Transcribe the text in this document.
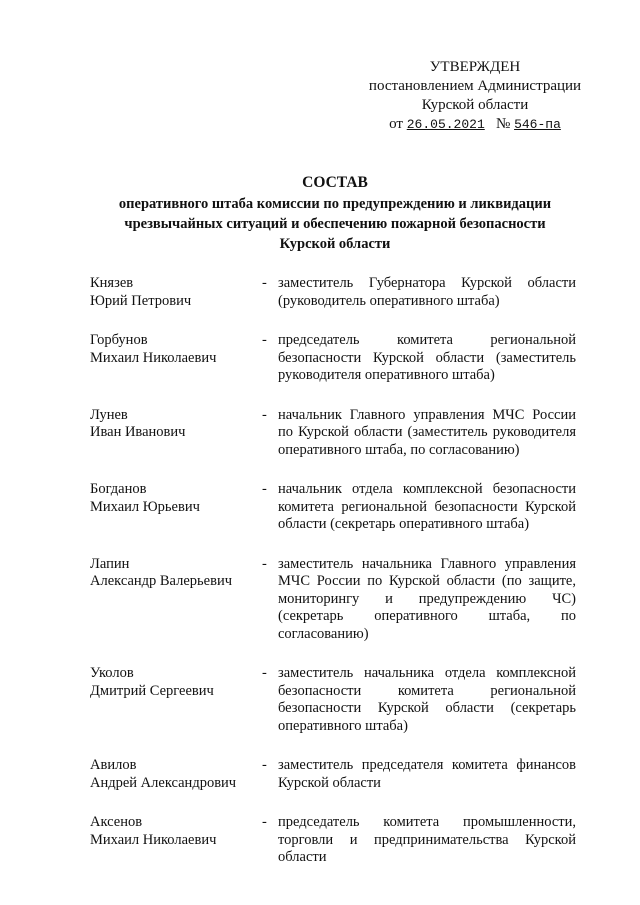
УТВЕРЖДЕН
постановлением Администрации
Курской области
от 26.05.2021 № 546-па
СОСТАВ
оперативного штаба комиссии по предупреждению и ликвидации
чрезвычайных ситуаций и обеспечению пожарной безопасности
Курской области
Князев
Юрий Петрович
- заместитель Губернатора Курской области (руководитель оперативного штаба)
Горбунов
Михаил Николаевич
- председатель комитета региональной безопасности Курской области (заместитель руководителя оперативного штаба)
Лунев
Иван Иванович
- начальник Главного управления МЧС России по Курской области (заместитель руководителя оперативного штаба, по согласованию)
Богданов
Михаил Юрьевич
- начальник отдела комплексной безопасности комитета региональной безопасности Курской области (секретарь оперативного штаба)
Лапин
Александр Валерьевич
- заместитель начальника Главного управления МЧС России по Курской области (по защите, мониторингу и предупреждению ЧС) (секретарь оперативного штаба, по согласованию)
Уколов
Дмитрий Сергеевич
- заместитель начальника отдела комплексной безопасности комитета региональной безопасности Курской области (секретарь оперативного штаба)
Авилов
Андрей Александрович
- заместитель председателя комитета финансов Курской области
Аксенов
Михаил Николаевич
- председатель комитета промышленности, торговли и предпринимательства Курской области
